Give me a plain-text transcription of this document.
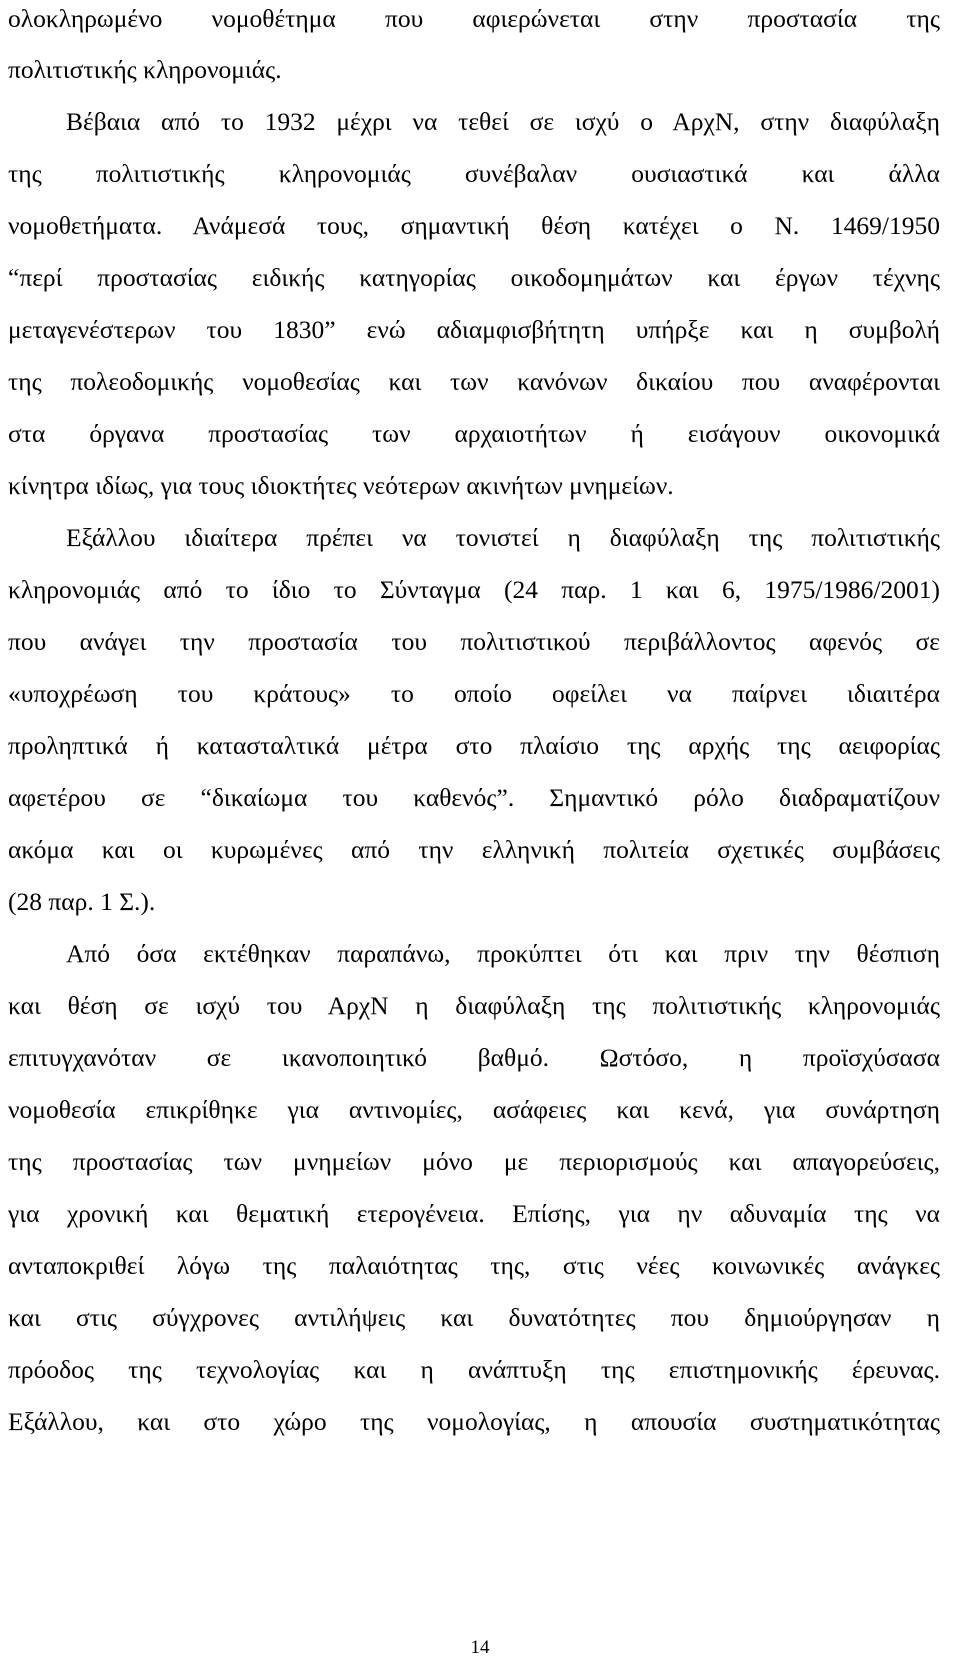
ολοκληρωμένο νομοθέτημα που αφιερώνεται στην προστασία της
πολιτιστικής κληρονομιάς.
Βέβαια από το 1932 μέχρι να τεθεί σε ισχύ ο ΑρχΝ, στην διαφύλαξη
της πολιτιστικής κληρονομιάς συνέβαλαν ουσιαστικά και άλλα
νομοθετήματα. Ανάμεσά τους, σημαντική θέση κατέχει ο Ν. 1469/1950
“περί προστασίας ειδικής κατηγορίας οικοδομημάτων και έργων τέχνης
μεταγενέστερων του 1830” ενώ αδιαμφισβήτητη υπήρξε και η συμβολή
της πολεοδομικής νομοθεσίας και των κανόνων δικαίου που αναφέρονται
στα όργανα προστασίας των αρχαιοτήτων ή εισάγουν οικονομικά
κίνητρα ιδίως, για τους ιδιοκτήτες νεότερων ακινήτων μνημείων.
Εξάλλου ιδιαίτερα πρέπει να τονιστεί η διαφύλαξη της πολιτιστικής
κληρονομιάς από το ίδιο το Σύνταγμα (24 παρ. 1 και 6, 1975/1986/2001)
που ανάγει την προστασία του πολιτιστικού περιβάλλοντος αφενός σε
«υποχρέωση του κράτους» το οποίο οφείλει να παίρνει ιδιαιτέρα
προληπτικά ή κατασταλτικά μέτρα στο πλαίσιο της αρχής της αειφορίας
αφετέρου σε “δικαίωμα του καθενός”. Σημαντικό ρόλο διαδραματίζουν
ακόμα και οι κυρωμένες από την ελληνική πολιτεία σχετικές συμβάσεις
(28 παρ. 1 Σ.).
Από όσα εκτέθηκαν παραπάνω, προκύπτει ότι και πριν την θέσπιση
και θέση σε ισχύ του ΑρχΝ η διαφύλαξη της πολιτιστικής κληρονομιάς
επιτυγχανόταν σε ικανοποιητικό βαθμό. Ωστόσο, η προϊσχύσασα
νομοθεσία επικρίθηκε για αντινομίες, ασάφειες και κενά, για συνάρτηση
της προστασίας των μνημείων μόνο με περιορισμούς και απαγορεύσεις,
για χρονική και θεματική ετερογένεια. Επίσης, για ην αδυναμία της να
ανταποκριθεί λόγω της παλαιότητας της, στις νέες κοινωνικές ανάγκες
και στις σύγχρονες αντιλήψεις και δυνατότητες που δημιούργησαν η
πρόοδος της τεχνολογίας και η ανάπτυξη της επιστημονικής έρευνας.
Εξάλλου, και στο χώρο της νομολογίας, η απουσία συστηματικότητας
14
